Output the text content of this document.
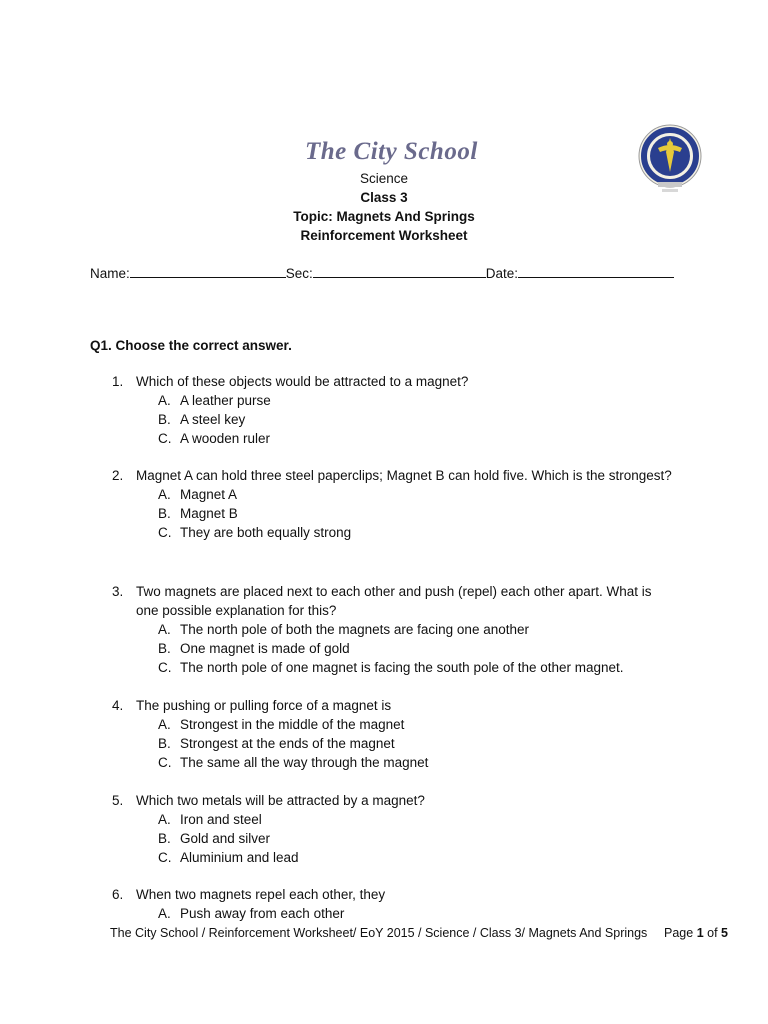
The City School
Science
Class 3
Topic: Magnets And Springs
Reinforcement Worksheet
Name:	Sec:	Date:
Q1. Choose the correct answer.
1. Which of these objects would be attracted to a magnet?
A. A leather purse
B. A steel key
C. A wooden ruler
2. Magnet A can hold three steel paperclips; Magnet B can hold five. Which is the strongest?
A. Magnet A
B. Magnet B
C. They are both equally strong
3. Two magnets are placed next to each other and push (repel) each other apart. What is one possible explanation for this?
A. The north pole of both the magnets are facing one another
B. One magnet is made of gold
C. The north pole of one magnet is facing the south pole of the other magnet.
4. The pushing or pulling force of a magnet is
A. Strongest in the middle of the magnet
B. Strongest at the ends of the magnet
C. The same all the way through the magnet
5. Which two metals will be attracted by a magnet?
A. Iron and steel
B. Gold and silver
C. Aluminium and lead
6. When two magnets repel each other, they
A. Push away from each other
The City School / Reinforcement Worksheet/ EoY 2015 / Science / Class 3/ Magnets And Springs Page 1 of 5
